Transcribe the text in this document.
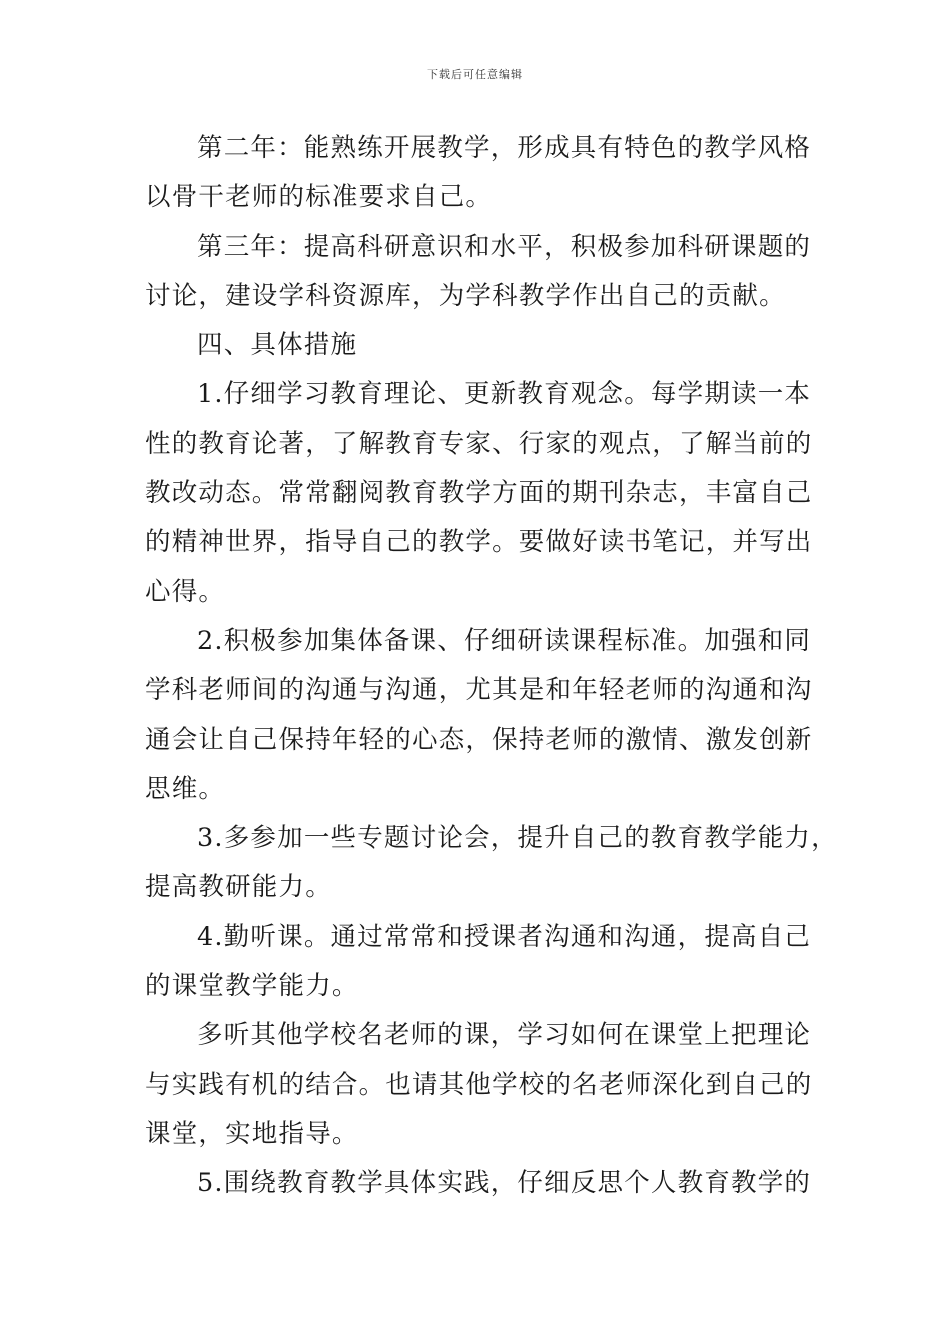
下载后可任意编辑

第二年：能熟练开展教学，形成具有特色的教学风格
以骨干老师的标准要求自己。

第三年：提高科研意识和水平，积极参加科研课题的
讨论，建设学科资源库，为学科教学作出自己的贡献。

四、具体措施

1.仔细学习教育理论、更新教育观念。每学期读一本
性的教育论著，了解教育专家、行家的观点，了解当前的
教改动态。常常翻阅教育教学方面的期刊杂志，丰富自己
的精神世界，指导自己的教学。要做好读书笔记，并写出
心得。

2.积极参加集体备课、仔细研读课程标准。加强和同
学科老师间的沟通与沟通，尤其是和年轻老师的沟通和沟
通会让自己保持年轻的心态，保持老师的激情、激发创新
思维。

3.多参加一些专题讨论会，提升自己的教育教学能力，
提高教研能力。

4.勤听课。通过常常和授课者沟通和沟通，提高自己
的课堂教学能力。

多听其他学校名老师的课，学习如何在课堂上把理论
与实践有机的结合。也请其他学校的名老师深化到自己的
课堂，实地指导。

5.围绕教育教学具体实践，仔细反思个人教育教学的
